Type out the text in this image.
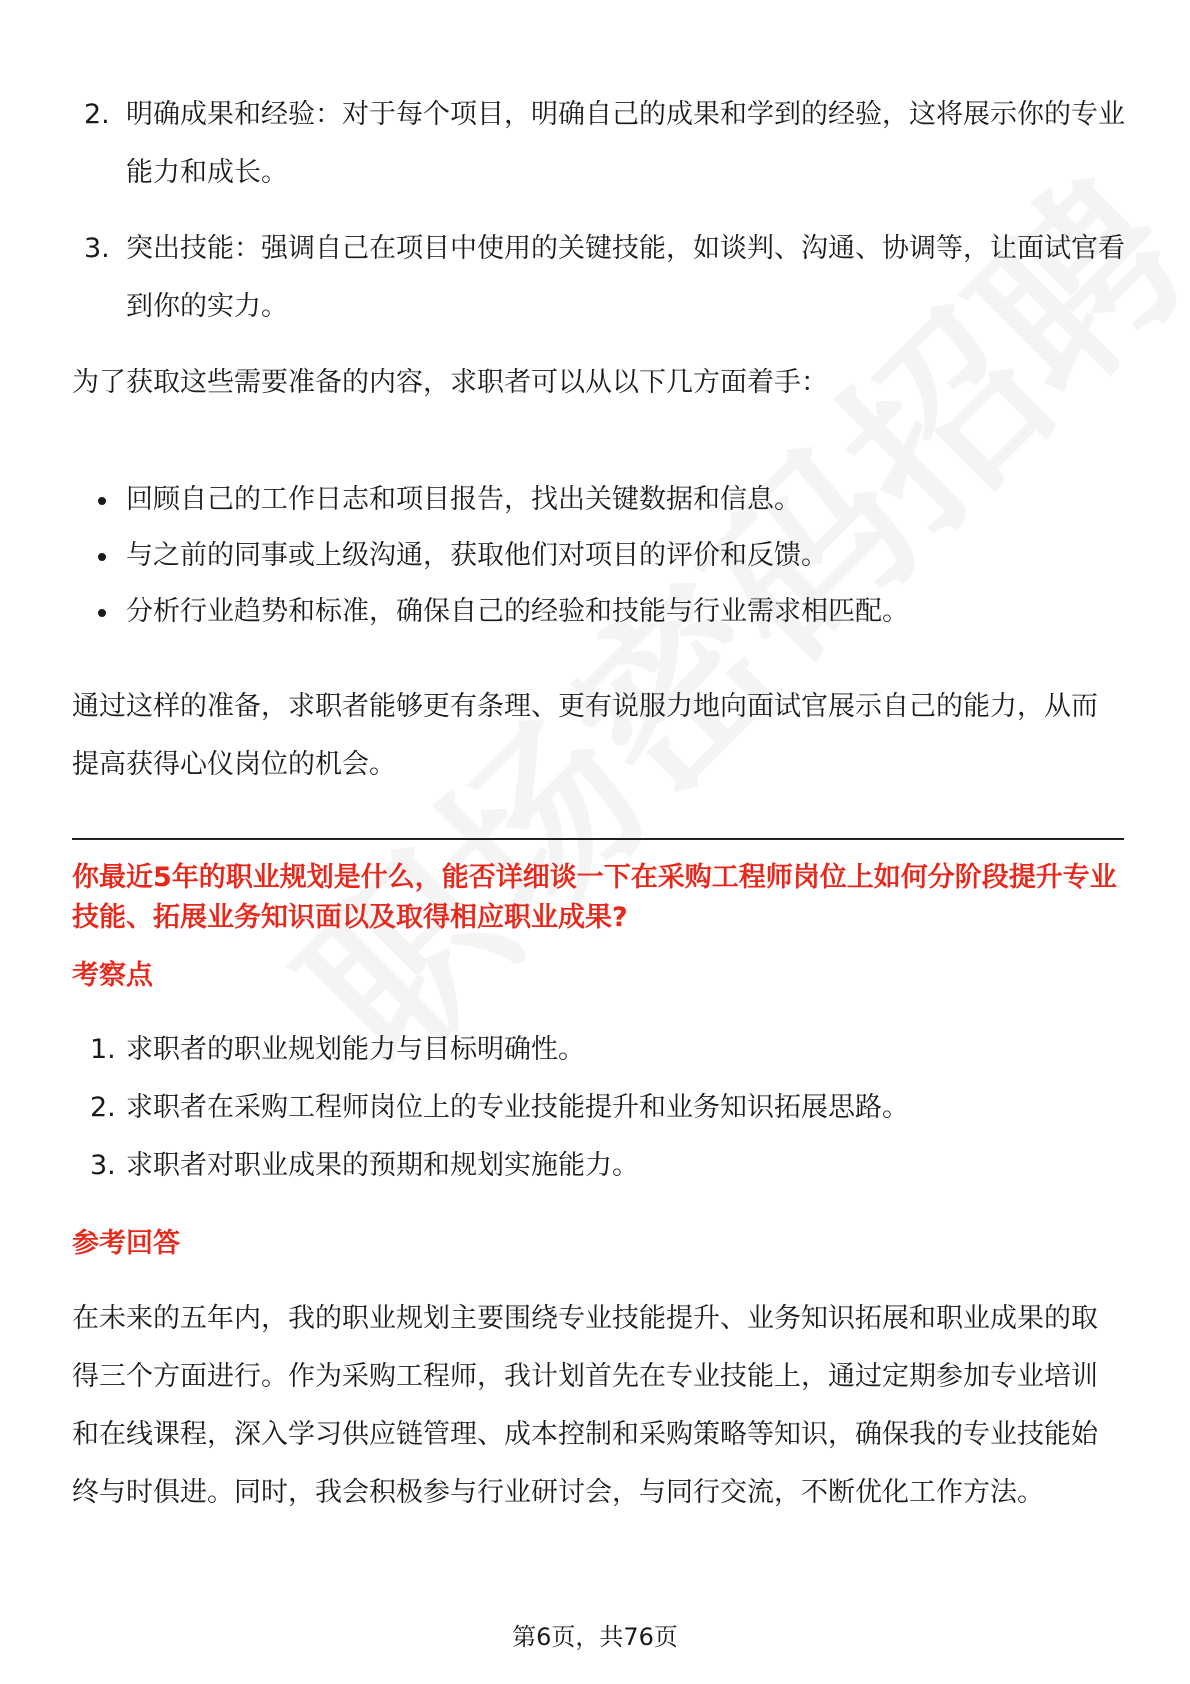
2. 明确成果和经验：对于每个项目，明确自己的成果和学到的经验，这将展示你的专业能力和成长。
3. 突出技能：强调自己在项目中使用的关键技能，如谈判、沟通、协调等，让面试官看到你的实力。
为了获取这些需要准备的内容，求职者可以从以下几方面着手：
回顾自己的工作日志和项目报告，找出关键数据和信息。
与之前的同事或上级沟通，获取他们对项目的评价和反馈。
分析行业趋势和标准，确保自己的经验和技能与行业需求相匹配。
通过这样的准备，求职者能够更有条理、更有说服力地向面试官展示自己的能力，从而提高获得心仪岗位的机会。
你最近5年的职业规划是什么，能否详细谈一下在采购工程师岗位上如何分阶段提升专业技能、拓展业务知识面以及取得相应职业成果?
考察点
1. 求职者的职业规划能力与目标明确性。
2. 求职者在采购工程师岗位上的专业技能提升和业务知识拓展思路。
3. 求职者对职业成果的预期和规划实施能力。
参考回答
在未来的五年内，我的职业规划主要围绕专业技能提升、业务知识拓展和职业成果的取得三个方面进行。作为采购工程师，我计划首先在专业技能上，通过定期参加专业培训和在线课程，深入学习供应链管理、成本控制和采购策略等知识，确保我的专业技能始终与时俱进。同时，我会积极参与行业研讨会，与同行交流，不断优化工作方法。
第6页，共76页
